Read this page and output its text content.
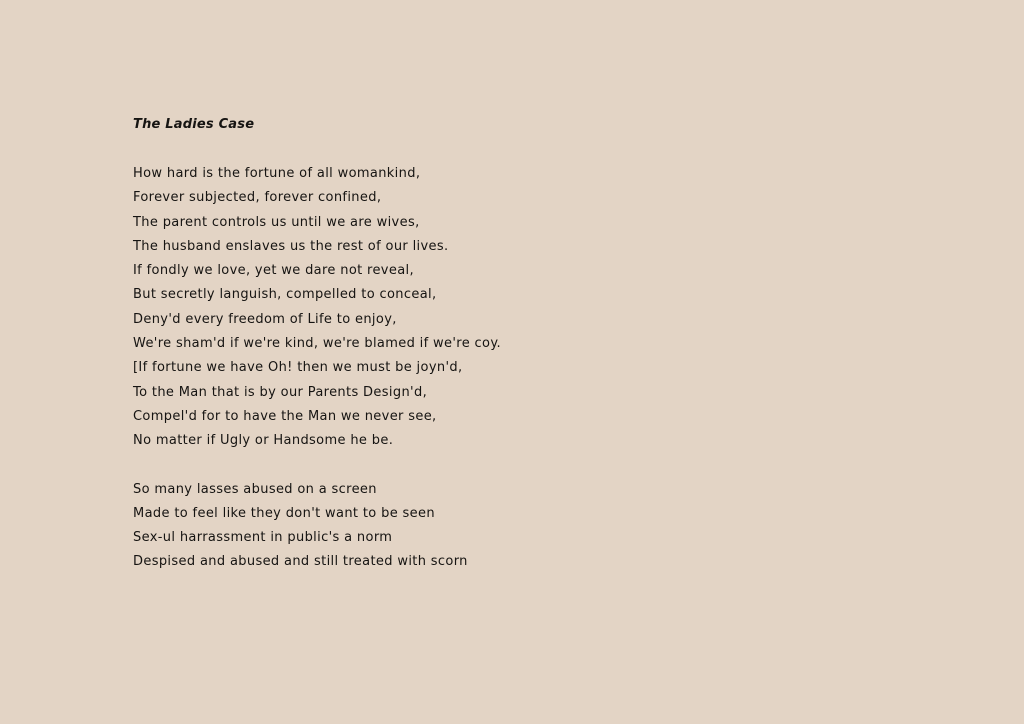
The Ladies Case
How hard is the fortune of all womankind,
Forever subjected, forever confined,
The parent controls us until we are wives,
The husband enslaves us the rest of our lives.
If fondly we love, yet we dare not reveal,
But secretly languish, compelled to conceal,
Deny'd every freedom of Life to enjoy,
We're sham'd if we're kind, we're blamed if we're coy.
[If fortune we have Oh! then we must be joyn'd,
To the Man that is by our Parents Design'd,
Compel'd for to have the Man we never see,
No matter if Ugly or Handsome he be.
So many lasses abused on a screen
Made to feel like they don't want to be seen
Sex-ul harrassment in public's a norm
Despised and abused and still treated with scorn
